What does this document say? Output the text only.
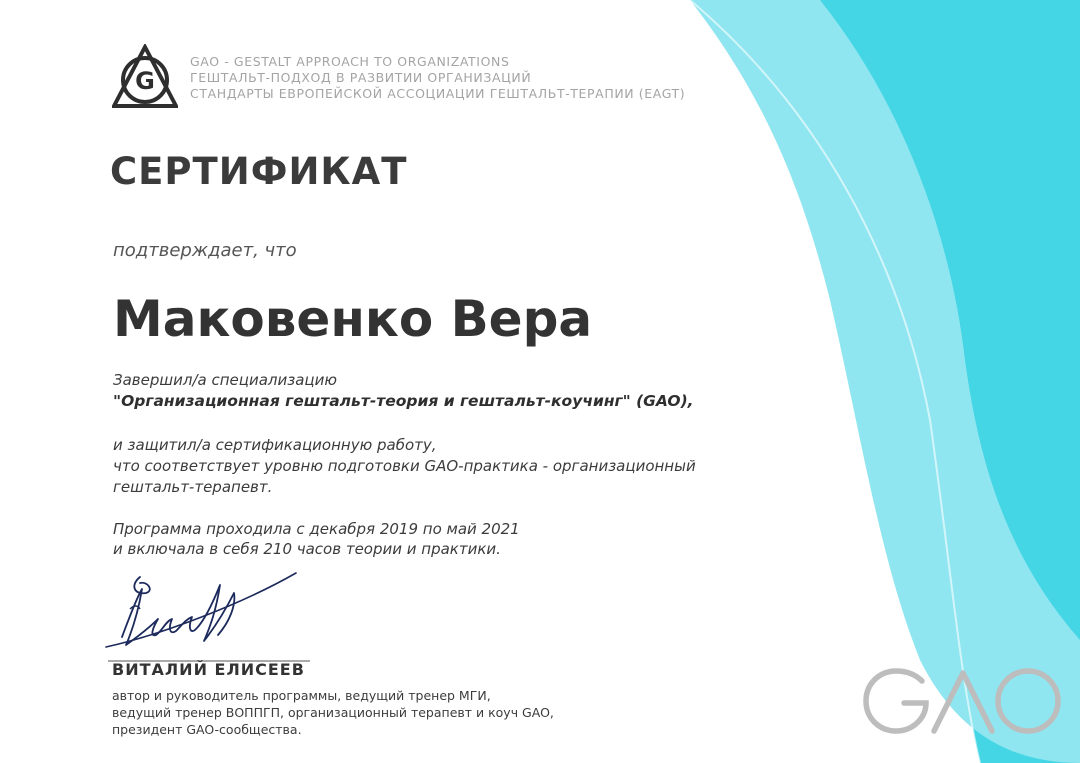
G
GAO - GESTALT APPROACH TO ORGANIZATIONS
ГЕШТАЛЬТ-ПОДХОД В РАЗВИТИИ ОРГАНИЗАЦИЙ
СТАНДАРТЫ ЕВРОПЕЙСКОЙ АССОЦИАЦИИ ГЕШТАЛЬТ-ТЕРАПИИ (EAGT)
СЕРТИФИКАТ
подтверждает, что
Маковенко Вера
Завершил/а специализацию
"Организационная гештальт-теория и гештальт-коучинг" (GAO),
и защитил/а сертификационную работу,
что соответствует уровню подготовки GAO-практика - организационный
гештальт-терапевт.
Программа проходила с декабря 2019 по май 2021
и включала в себя 210 часов теории и практики.
ВИТАЛИЙ ЕЛИСЕЕВ
автор и руководитель программы, ведущий тренер МГИ,
ведущий тренер ВОППГП, организационный терапевт и коуч GAO,
президент GAO-сообщества.
